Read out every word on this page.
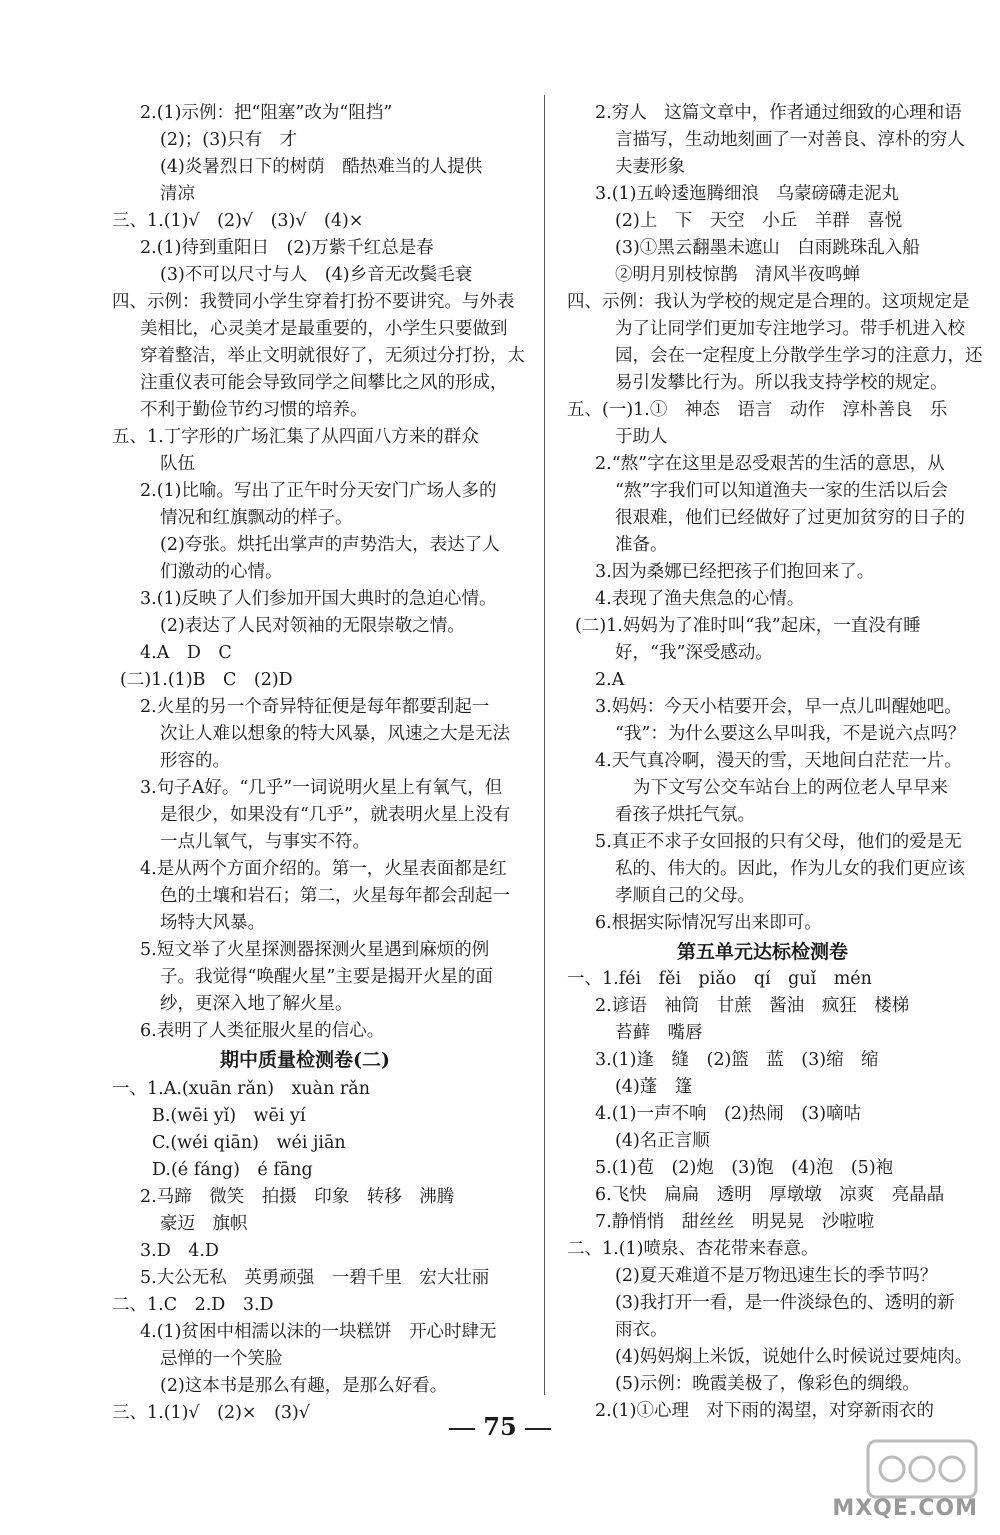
2.(1)示例：把“阻塞”改为“阻挡”
(2)；(3)只有　才
(4)炎暑烈日下的树荫　酷热难当的人提供
清凉
三、1.(1)√　(2)√　(3)√　(4)×
2.(1)待到重阳日　(2)万紫千红总是春
(3)不可以尺寸与人　(4)乡音无改鬓毛衰
四、示例：我赞同小学生穿着打扮不要讲究。与外表
美相比，心灵美才是最重要的，小学生只要做到
穿着整洁，举止文明就很好了，无须过分打扮，太
注重仪表可能会导致同学之间攀比之风的形成，
不利于勤俭节约习惯的培养。
五、1.丁字形的广场汇集了从四面八方来的群众
队伍
2.(1)比喻。写出了正午时分天安门广场人多的
情况和红旗飘动的样子。
(2)夸张。烘托出掌声的声势浩大，表达了人
们激动的心情。
3.(1)反映了人们参加开国大典时的急迫心情。
(2)表达了人民对领袖的无限崇敬之情。
4.A　D　C
(二)1.(1)B　C　(2)D
2.火星的另一个奇异特征便是每年都要刮起一
次让人难以想象的特大风暴，风速之大是无法
形容的。
3.句子A好。“几乎”一词说明火星上有氧气，但
是很少，如果没有“几乎”，就表明火星上没有
一点儿氧气，与事实不符。
4.是从两个方面介绍的。第一，火星表面都是红
色的土壤和岩石；第二，火星每年都会刮起一
场特大风暴。
5.短文举了火星探测器探测火星遇到麻烦的例
子。我觉得“唤醒火星”主要是揭开火星的面
纱，更深入地了解火星。
6.表明了人类征服火星的信心。
期中质量检测卷(二)
一、1.A.(xuān rǎn)　xuàn rǎn
B.(wēi yǐ)　wēi yí
C.(wéi qiān)　wéi jiān
D.(é fáng)　é fāng
2.马蹄　微笑　拍摄　印象　转移　沸腾
豪迈　旗帜
3.D　4.D
5.大公无私　英勇顽强　一碧千里　宏大壮丽
二、1.C　2.D　3.D
4.(1)贫困中相濡以沫的一块糕饼　开心时肆无
忌惮的一个笑脸
(2)这本书是那么有趣，是那么好看。
三、1.(1)√　(2)×　(3)√
2.穷人　这篇文章中，作者通过细致的心理和语
言描写，生动地刻画了一对善良、淳朴的穷人
夫妻形象
3.(1)五岭逶迤腾细浪　乌蒙磅礴走泥丸
(2)上　下　天空　小丘　羊群　喜悦
(3)①黑云翻墨未遮山　白雨跳珠乱入船
②明月别枝惊鹊　清风半夜鸣蝉
四、示例：我认为学校的规定是合理的。这项规定是
为了让同学们更加专注地学习。带手机进入校
园，会在一定程度上分散学生学习的注意力，还
易引发攀比行为。所以我支持学校的规定。
五、(一)1.①　神态　语言　动作　淳朴善良　乐
于助人
2.“熬”字在这里是忍受艰苦的生活的意思，从
“熬”字我们可以知道渔夫一家的生活以后会
很艰难，他们已经做好了过更加贫穷的日子的
准备。
3.因为桑娜已经把孩子们抱回来了。
4.表现了渔夫焦急的心情。
(二)1.妈妈为了准时叫“我”起床，一直没有睡
好，“我”深受感动。
2.A
3.妈妈：今天小桔要开会，早一点儿叫醒她吧。
“我”：为什么要这么早叫我，不是说六点吗？
4.天气真冷啊，漫天的雪，天地间白茫茫一片。
为下文写公交车站台上的两位老人早早来
看孩子烘托气氛。
5.真正不求子女回报的只有父母，他们的爱是无
私的、伟大的。因此，作为儿女的我们更应该
孝顺自己的父母。
6.根据实际情况写出来即可。
第五单元达标检测卷
一、1.féi　fěi　piǎo　qí　guǐ　mén
2.谚语　袖筒　甘蔗　酱油　疯狂　楼梯
苔藓　嘴唇
3.(1)逢　缝　(2)篮　蓝　(3)缩　缩
(4)蓬　篷
4.(1)一声不响　(2)热闹　(3)嘀咕
(4)名正言顺
5.(1)苞　(2)炮　(3)饱　(4)泡　(5)袍
6.飞快　扁扁　透明　厚墩墩　凉爽　亮晶晶
7.静悄悄　甜丝丝　明晃晃　沙啦啦
二、1.(1)喷泉、杏花带来春意。
(2)夏天难道不是万物迅速生长的季节吗？
(3)我打开一看，是一件淡绿色的、透明的新
雨衣。
(4)妈妈焖上米饭，说她什么时候说过要炖肉。
(5)示例：晚霞美极了，像彩色的绸缎。
2.(1)①心理　对下雨的渴望，对穿新雨衣的
75
MXQE.COM
